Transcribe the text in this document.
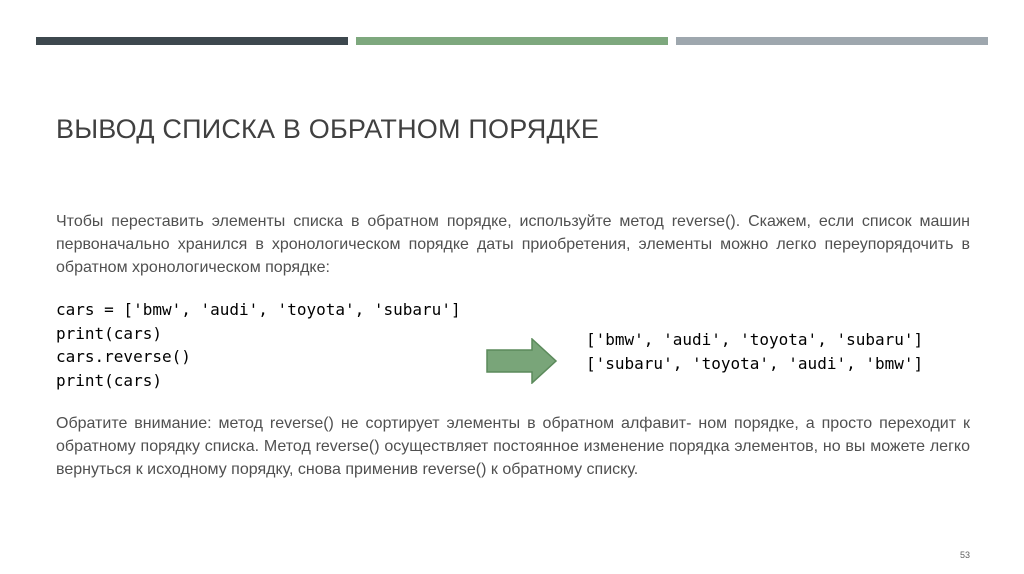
ВЫВОД СПИСКА В ОБРАТНОМ ПОРЯДКЕ

Чтобы переставить элементы списка в обратном порядке, используйте метод reverse(). Скажем, если список машин первоначально хранился в хронологическом порядке даты приобретения, элементы можно легко переупорядочить в обратном хронологическом порядке:

cars = ['bmw', 'audi', 'toyota', 'subaru']
print(cars)
cars.reverse()
print(cars)
['bmw', 'audi', 'toyota', 'subaru']
['subaru', 'toyota', 'audi', 'bmw']

Обратите внимание: метод reverse() не сортирует элементы в обратном алфавит- ном порядке, а просто переходит к обратному порядку списка. Метод reverse() осуществляет постоянное изменение порядка элементов, но вы можете легко вернуться к исходному порядку, снова применив reverse() к обратному списку.

53
